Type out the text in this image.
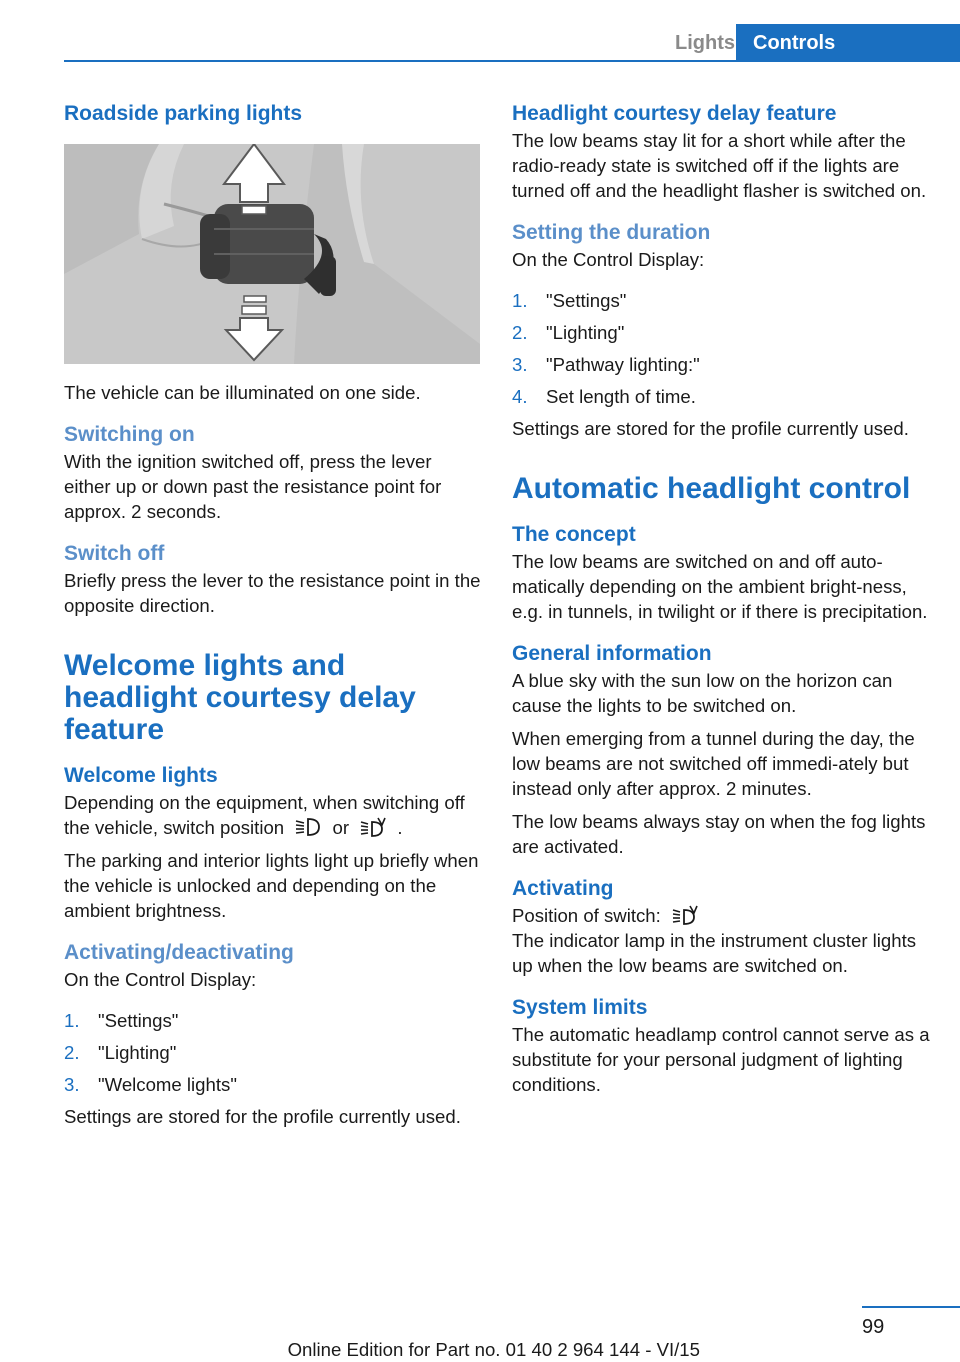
Lights Controls
Roadside parking lights

The vehicle can be illuminated on one side.

Switching on

With the ignition switched off, press the lever either up or down past the resistance point for approx. 2 seconds.

Switch off

Briefly press the lever to the resistance point in the opposite direction.

Welcome lights and headlight courtesy delay feature
Welcome lights

Depending on the equipment, when switching off the vehicle, switch position	or	.

The parking and interior lights light up briefly when the vehicle is unlocked and depending on the ambient brightness.

Activating/deactivating

On the Control Display:

1. "Settings"
2. "Lighting"
3. "Welcome lights"

Settings are stored for the profile currently used.

Headlight courtesy delay feature

The low beams stay lit for a short while after the radio-ready state is switched off if the lights are turned off and the headlight flasher is switched on.

Setting the duration

On the Control Display:

1. "Settings"
2. "Lighting"
3. "Pathway lighting:"
4. Set length of time.

Settings are stored for the profile currently used.

Automatic headlight control
The concept

The low beams are switched on and off auto-matically depending on the ambient bright-ness, e.g. in tunnels, in twilight or if there is precipitation.

General information

A blue sky with the sun low on the horizon can cause the lights to be switched on.

When emerging from a tunnel during the day, the low beams are not switched off immedi-ately but instead only after approx. 2 minutes.

The low beams always stay on when the fog lights are activated.

Activating

Position of switch:

The indicator lamp in the instrument cluster lights up when the low beams are switched on.

System limits

The automatic headlamp control cannot serve as a substitute for your personal judgment of lighting conditions.

99
Online Edition for Part no. 01 40 2 964 144 - VI/15
